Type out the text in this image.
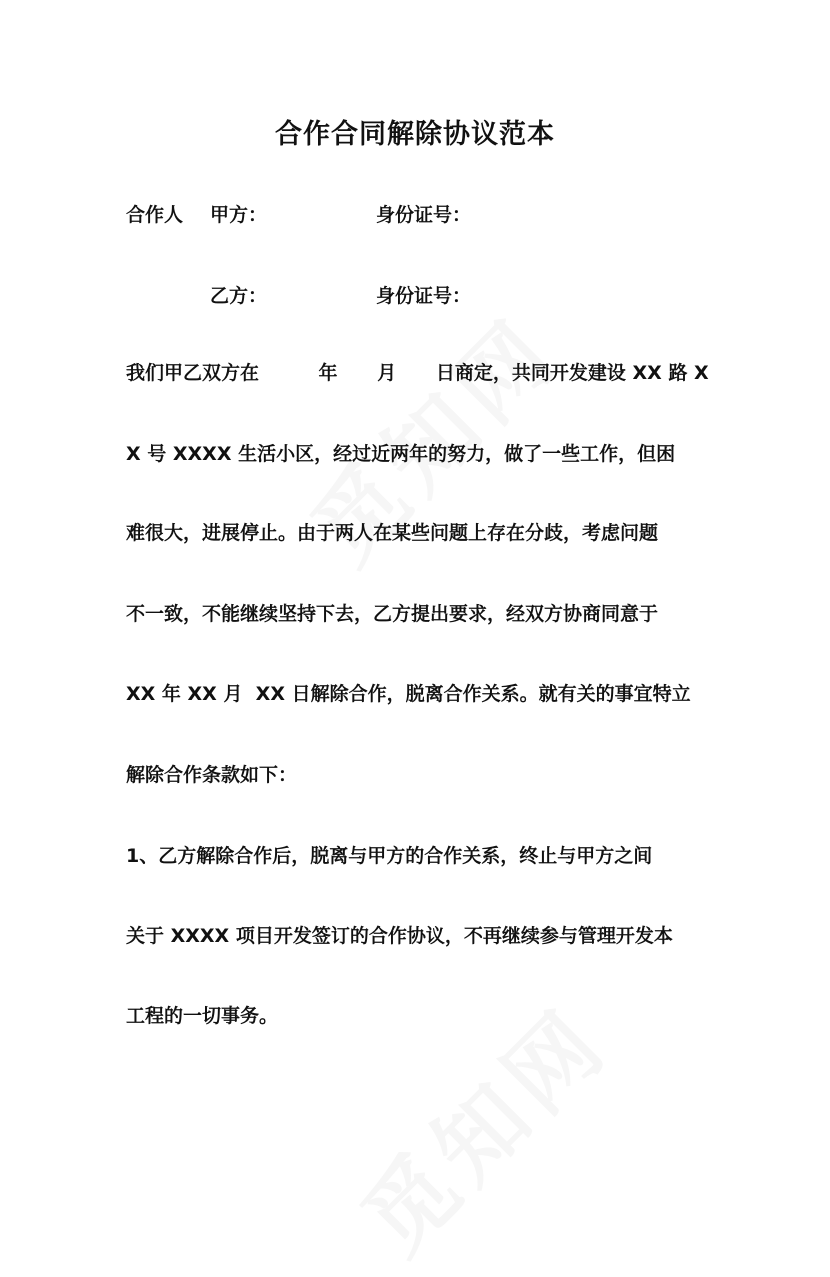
合作合同解除协议范本
合作人 甲方：	身份证号：
乙方：	身份证号：
我们甲乙双方在         年      月      日商定，共同开发建设 XX 路 X
X 号 XXXX 生活小区，经过近两年的努力，做了一些工作，但困
难很大，进展停止。由于两人在某些问题上存在分歧，考虑问题
不一致，不能继续坚持下去，乙方提出要求，经双方协商同意于
XX 年 XX 月  XX 日解除合作，脱离合作关系。就有关的事宜特立
解除合作条款如下：
1、乙方解除合作后，脱离与甲方的合作关系，终止与甲方之间
关于 XXXX 项目开发签订的合作协议，不再继续参与管理开发本
工程的一切事务。
